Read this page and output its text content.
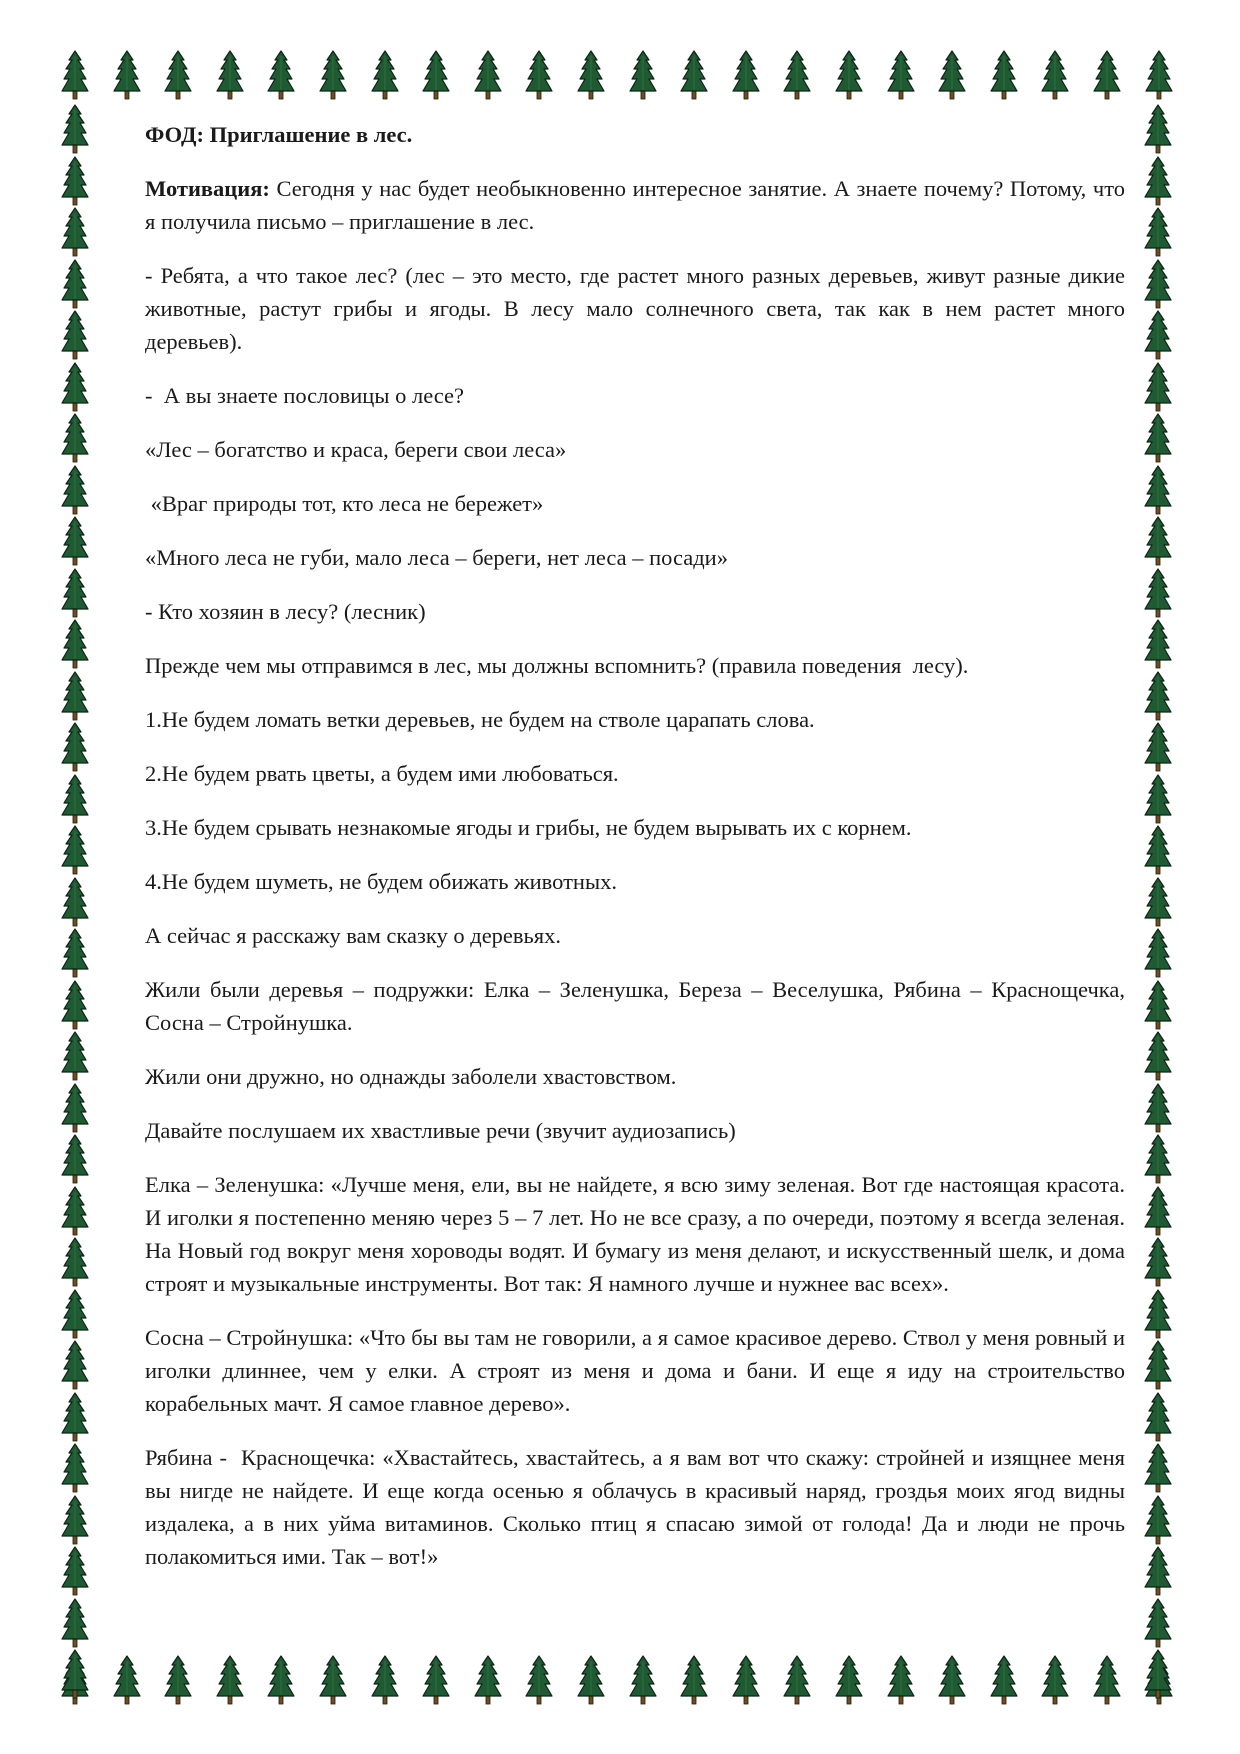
ФОД: Приглашение в лес.

Мотивация: Сегодня у нас будет необыкновенно интересное занятие. А знаете почему? Потому, что я получила письмо – приглашение в лес.

- Ребята, а что такое лес? (лес – это место, где растет много разных деревьев, живут разные дикие животные, растут грибы и ягоды. В лесу мало солнечного света, так как в нем растет много деревьев).

-  А вы знаете пословицы о лесе?

«Лес – богатство и краса, береги свои леса»

«Враг природы тот, кто леса не бережет»

«Много леса не губи, мало леса – береги, нет леса – посади»

- Кто хозяин в лесу? (лесник)

Прежде чем мы отправимся в лес, мы должны вспомнить? (правила поведения  лесу).

1.Не будем ломать ветки деревьев, не будем на стволе царапать слова.

2.Не будем рвать цветы, а будем ими любоваться.

3.Не будем срывать незнакомые ягоды и грибы, не будем вырывать их с корнем.

4.Не будем шуметь, не будем обижать животных.

А сейчас я расскажу вам сказку о деревьях.

Жили были деревья – подружки: Елка – Зеленушка, Береза – Веселушка, Рябина – Краснощечка, Сосна – Стройнушка.

Жили они дружно, но однажды заболели хвастовством.

Давайте послушаем их хвастливые речи (звучит аудиозапись)

Елка – Зеленушка: «Лучше меня, ели, вы не найдете, я всю зиму зеленая. Вот где настоящая красота. И иголки я постепенно меняю через 5 – 7 лет. Но не все сразу, а по очереди, поэтому я всегда зеленая. На Новый год вокруг меня хороводы водят. И бумагу из меня делают, и искусственный шелк, и дома строят и музыкальные инструменты. Вот так: Я намного лучше и нужнее вас всех».

Сосна – Стройнушка: «Что бы вы там не говорили, а я самое красивое дерево. Ствол у меня ровный и иголки длиннее, чем у елки. А строят из меня и дома и бани. И еще я иду на строительство корабельных мачт. Я самое главное дерево».

Рябина -  Краснощечка: «Хвастайтесь, хвастайтесь, а я вам вот что скажу: стройней и изящнее меня вы нигде не найдете. И еще когда осенью я облачусь в красивый наряд, гроздья моих ягод видны издалека, а в них уйма витаминов. Сколько птиц я спасаю зимой от голода! Да и люди не прочь полакомиться ими. Так – вот!»
